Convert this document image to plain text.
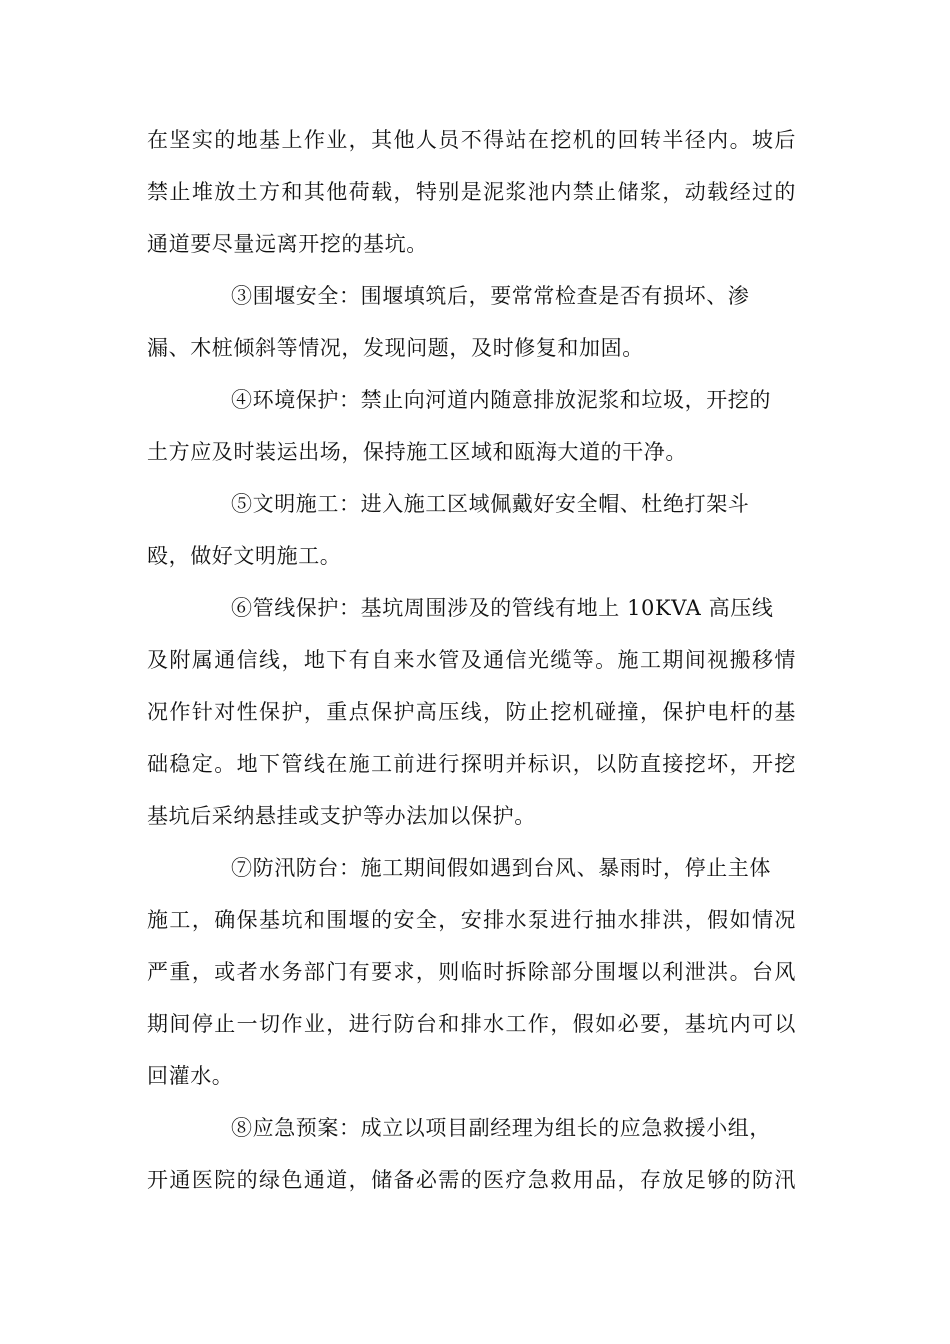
在坚实的地基上作业，其他人员不得站在挖机的回转半径内。坡后
禁止堆放土方和其他荷载，特别是泥浆池内禁止储浆，动载经过的
通道要尽量远离开挖的基坑。
③围堰安全：围堰填筑后，要常常检查是否有损坏、渗
漏、木桩倾斜等情况，发现问题，及时修复和加固。
④环境保护：禁止向河道内随意排放泥浆和垃圾，开挖的
土方应及时装运出场，保持施工区域和瓯海大道的干净。
⑤文明施工：进入施工区域佩戴好安全帽、杜绝打架斗
殴，做好文明施工。
⑥管线保护：基坑周围涉及的管线有地上 10KVA 高压线
及附属通信线，地下有自来水管及通信光缆等。施工期间视搬移情
况作针对性保护，重点保护高压线，防止挖机碰撞，保护电杆的基
础稳定。地下管线在施工前进行探明并标识，以防直接挖坏，开挖
基坑后采纳悬挂或支护等办法加以保护。
⑦防汛防台：施工期间假如遇到台风、暴雨时，停止主体
施工，确保基坑和围堰的安全，安排水泵进行抽水排洪，假如情况
严重，或者水务部门有要求，则临时拆除部分围堰以利泄洪。台风
期间停止一切作业，进行防台和排水工作，假如必要，基坑内可以
回灌水。
⑧应急预案：成立以项目副经理为组长的应急救援小组，
开通医院的绿色通道，储备必需的医疗急救用品，存放足够的防汛
